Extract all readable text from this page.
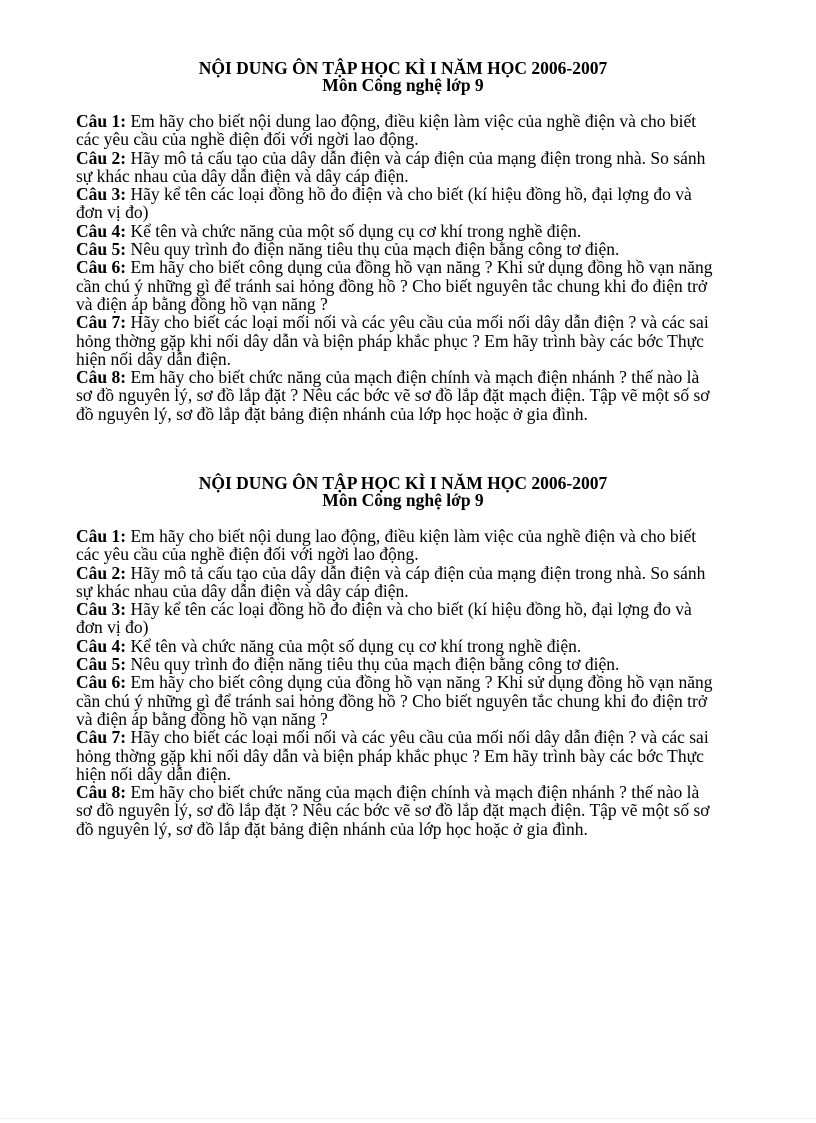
NỘI DUNG ÔN TẬP HỌC KÌ I NĂM HỌC 2006-2007
Môn Công nghệ lớp 9

Câu 1: Em hãy cho biết nội dung lao động, điều kiện làm việc của nghề điện và cho biết các yêu cầu của nghề điện đối với ngời lao động.

Câu 2: Hãy mô tả cấu tạo của dây dẫn điện và cáp điện của mạng điện trong nhà. So sánh sự khác nhau của dây dẫn điện và dây cáp điện.

Câu 3: Hãy kể tên các loại đồng hồ đo điện và cho biết (kí hiệu đồng hồ, đại lợng đo và đơn vị đo)

Câu 4: Kể tên và chức năng của một số dụng cụ cơ khí trong nghề điện.

Câu 5: Nêu quy trình đo điện năng tiêu thụ của mạch điện bằng công tơ điện.

Câu 6: Em hãy cho biết công dụng của đồng hồ vạn năng ? Khi sử dụng đồng hồ vạn năng cần chú ý những gì để tránh sai hỏng đồng hồ ? Cho biết nguyên tắc chung khi đo điện trở và điện áp bằng đồng hồ vạn năng ?

Câu 7: Hãy cho biết các loại mối nối và các yêu cầu của mối nối dây dẫn điện ? và các sai hỏng thờng gặp khi nối dây dẫn và biện pháp khắc phục ? Em hãy trình bày các bớc Thực hiện nối dây dẫn điện.

Câu 8: Em hãy cho biết chức năng của mạch điện chính và mạch điện nhánh ? thế nào là sơ đồ nguyên lý, sơ đồ lắp đặt ? Nêu các bớc vẽ sơ đồ lắp đặt mạch điện. Tập vẽ một số sơ đồ nguyên lý, sơ đồ lắp đặt bảng điện nhánh của lớp học hoặc ở gia đình.

NỘI DUNG ÔN TẬP HỌC KÌ I NĂM HỌC 2006-2007
Môn Công nghệ lớp 9

Câu 1: Em hãy cho biết nội dung lao động, điều kiện làm việc của nghề điện và cho biết các yêu cầu của nghề điện đối với ngời lao động.

Câu 2: Hãy mô tả cấu tạo của dây dẫn điện và cáp điện của mạng điện trong nhà. So sánh sự khác nhau của dây dẫn điện và dây cáp điện.

Câu 3: Hãy kể tên các loại đồng hồ đo điện và cho biết (kí hiệu đồng hồ, đại lợng đo và đơn vị đo)

Câu 4: Kể tên và chức năng của một số dụng cụ cơ khí trong nghề điện.

Câu 5: Nêu quy trình đo điện năng tiêu thụ của mạch điện bằng công tơ điện.

Câu 6: Em hãy cho biết công dụng của đồng hồ vạn năng ? Khi sử dụng đồng hồ vạn năng cần chú ý những gì để tránh sai hỏng đồng hồ ? Cho biết nguyên tắc chung khi đo điện trở và điện áp bằng đồng hồ vạn năng ?

Câu 7: Hãy cho biết các loại mối nối và các yêu cầu của mối nối dây dẫn điện ? và các sai hỏng thờng gặp khi nối dây dẫn và biện pháp khắc phục ? Em hãy trình bày các bớc Thực hiện nối dây dẫn điện.

Câu 8: Em hãy cho biết chức năng của mạch điện chính và mạch điện nhánh ? thế nào là sơ đồ nguyên lý, sơ đồ lắp đặt ? Nêu các bớc vẽ sơ đồ lắp đặt mạch điện. Tập vẽ một số sơ đồ nguyên lý, sơ đồ lắp đặt bảng điện nhánh của lớp học hoặc ở gia đình.
